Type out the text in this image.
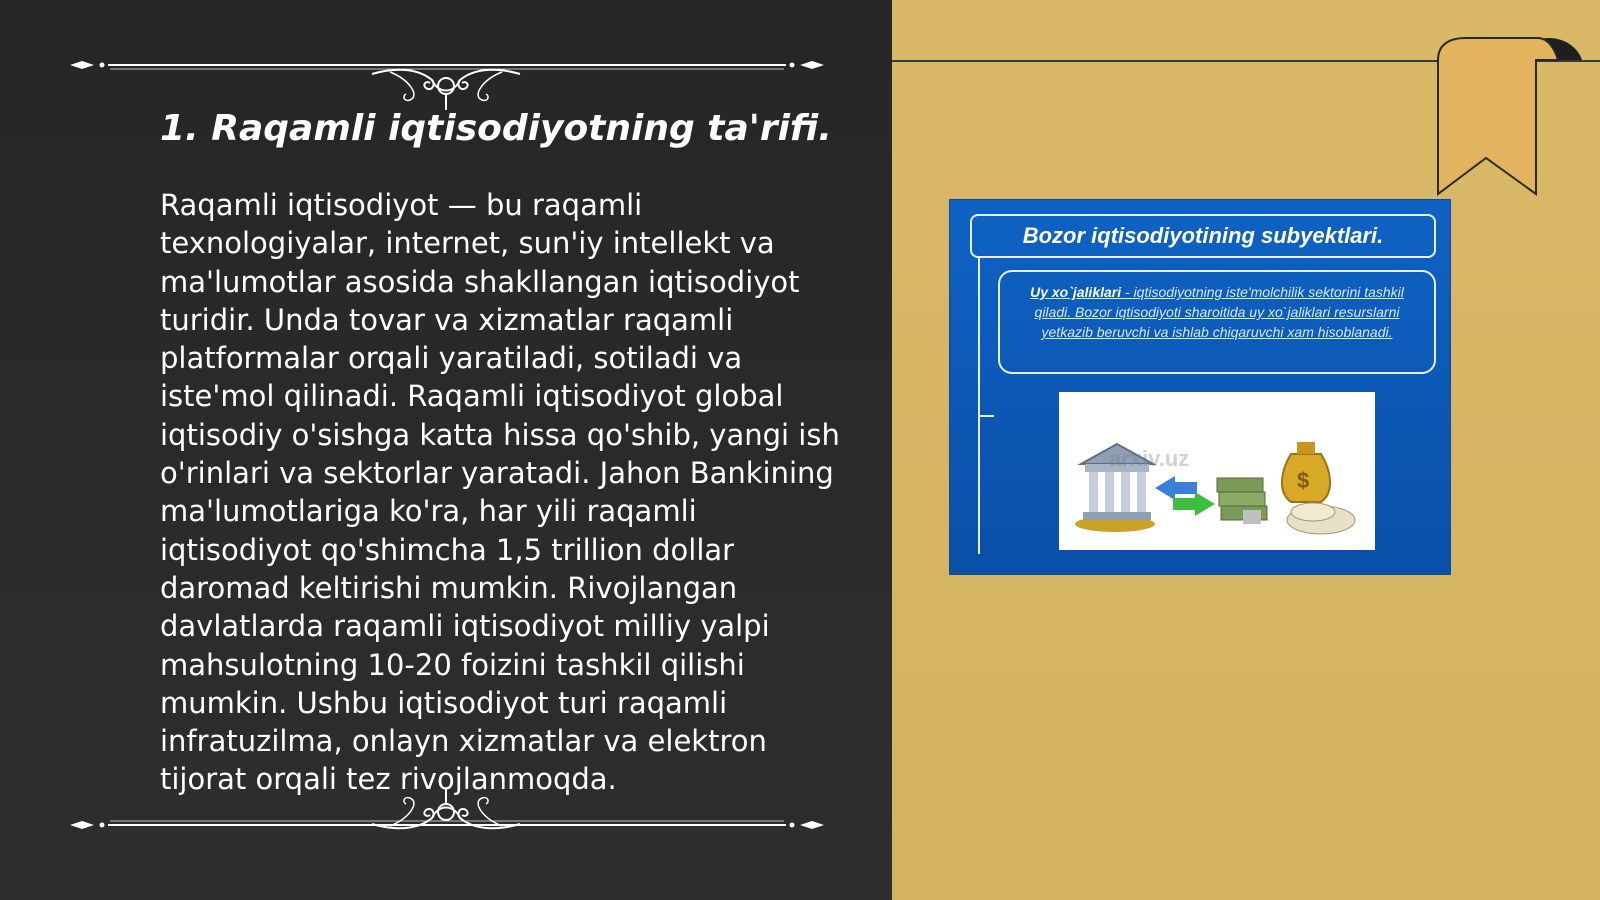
1. Raqamli iqtisodiyotning ta'rifi.

Raqamli iqtisodiyot — bu raqamli texnologiyalar, internet, sun'iy intellekt va ma'lumotlar asosida shakllangan iqtisodiyot turidir. Unda tovar va xizmatlar raqamli platformalar orqali yaratiladi, sotiladi va iste'mol qilinadi. Raqamli iqtisodiyot global iqtisodiy o'sishga katta hissa qo'shib, yangi ish o'rinlari va sektorlar yaratadi. Jahon Bankining ma'lumotlariga ko'ra, har yili raqamli iqtisodiyot qo'shimcha 1,5 trillion dollar daromad keltirishi mumkin. Rivojlangan davlatlarda raqamli iqtisodiyot milliy yalpi mahsulotning 10-20 foizini tashkil qilishi mumkin. Ushbu iqtisodiyot turi raqamli infratuzilma, onlayn xizmatlar va elektron tijorat orqali tez rivojlanmoqda.

Bozor iqtisodiyotining subyektlari.
Uy xo`jaliklari - iqtisodiyotning iste'molchilik sektorini tashkil qiladi. Bozor iqtisodiyoti sharoitida uy xo`jaliklari resurslarni yetkazib beruvchi va ishlab chiqaruvchi xam hisoblanadi.
arxiv.uz
$
